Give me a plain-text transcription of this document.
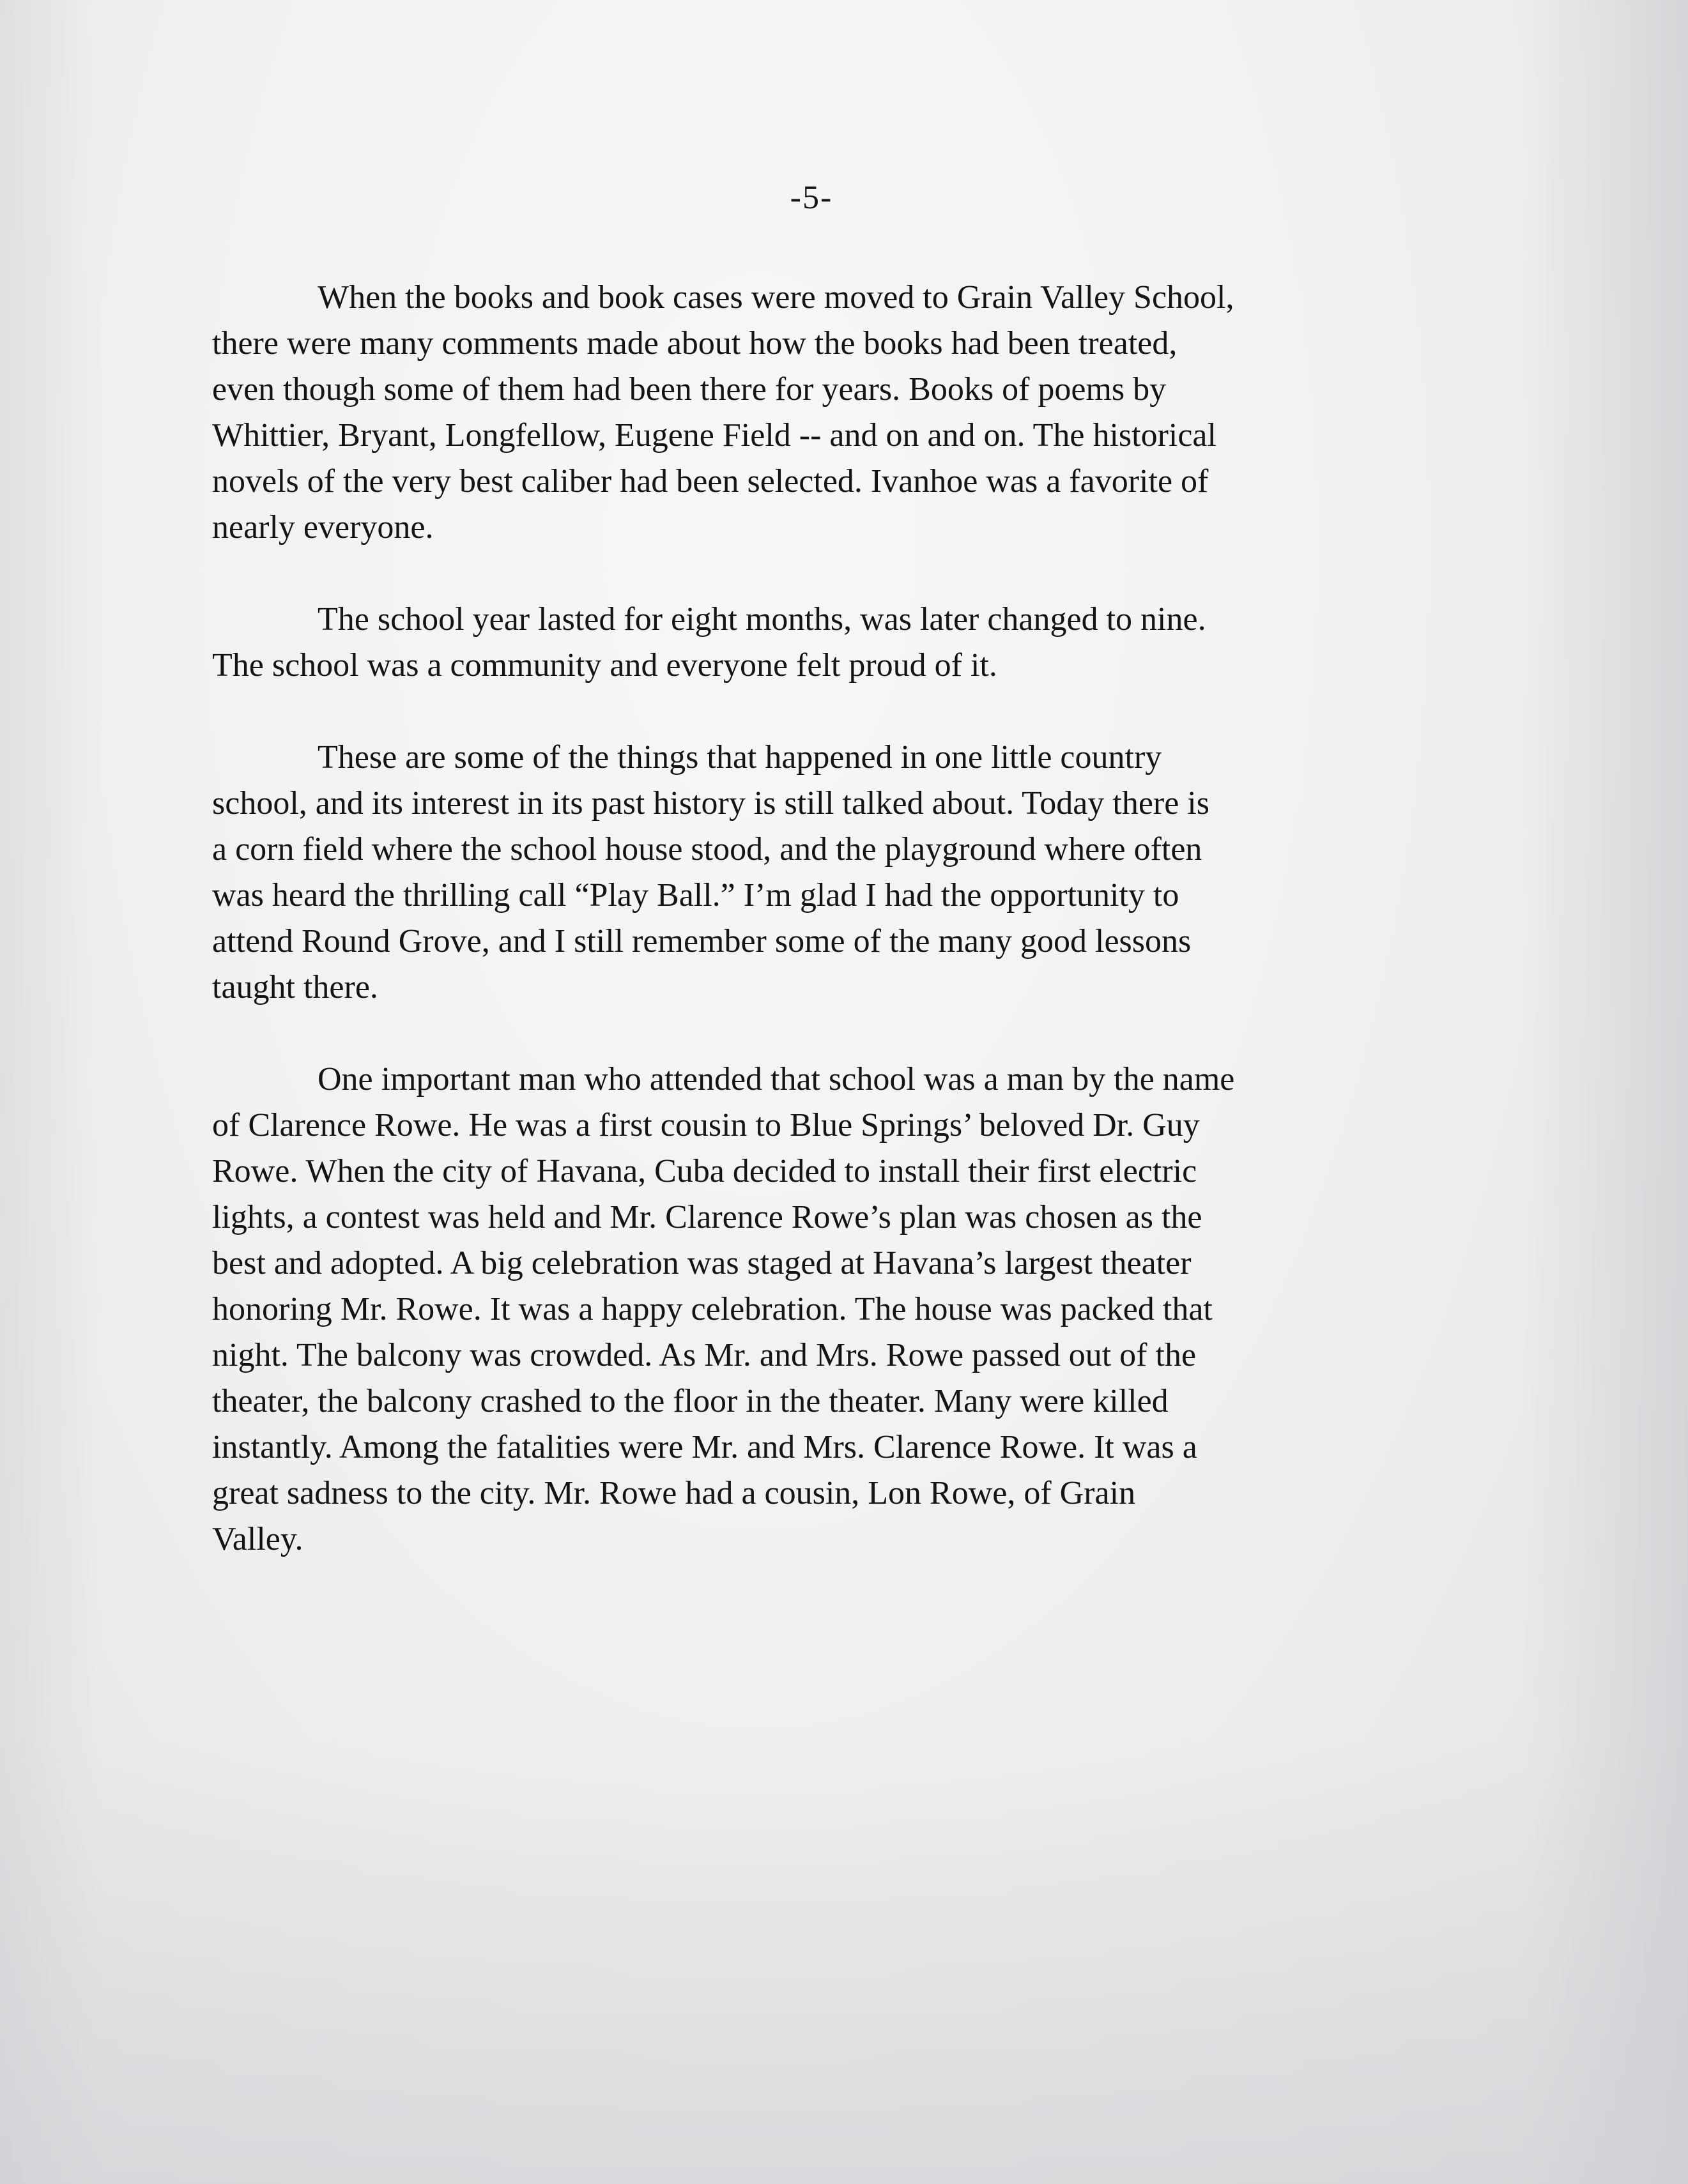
-5-
When the books and book cases were moved to Grain Valley School,
there were many comments made about how the books had been treated,
even though some of them had been there for years. Books of poems by
Whittier, Bryant, Longfellow, Eugene Field -- and on and on. The historical
novels of the very best caliber had been selected. Ivanhoe was a favorite of
nearly everyone.
The school year lasted for eight months, was later changed to nine.
The school was a community and everyone felt proud of it.
These are some of the things that happened in one little country
school, and its interest in its past history is still talked about. Today there is
a corn field where the school house stood, and the playground where often
was heard the thrilling call “Play Ball.” I’m glad I had the opportunity to
attend Round Grove, and I still remember some of the many good lessons
taught there.
One important man who attended that school was a man by the name
of Clarence Rowe. He was a first cousin to Blue Springs’ beloved Dr. Guy
Rowe. When the city of Havana, Cuba decided to install their first electric
lights, a contest was held and Mr. Clarence Rowe’s plan was chosen as the
best and adopted. A big celebration was staged at Havana’s largest theater
honoring Mr. Rowe. It was a happy celebration. The house was packed that
night. The balcony was crowded. As Mr. and Mrs. Rowe passed out of the
theater, the balcony crashed to the floor in the theater. Many were killed
instantly. Among the fatalities were Mr. and Mrs. Clarence Rowe. It was a
great sadness to the city. Mr. Rowe had a cousin, Lon Rowe, of Grain
Valley.
